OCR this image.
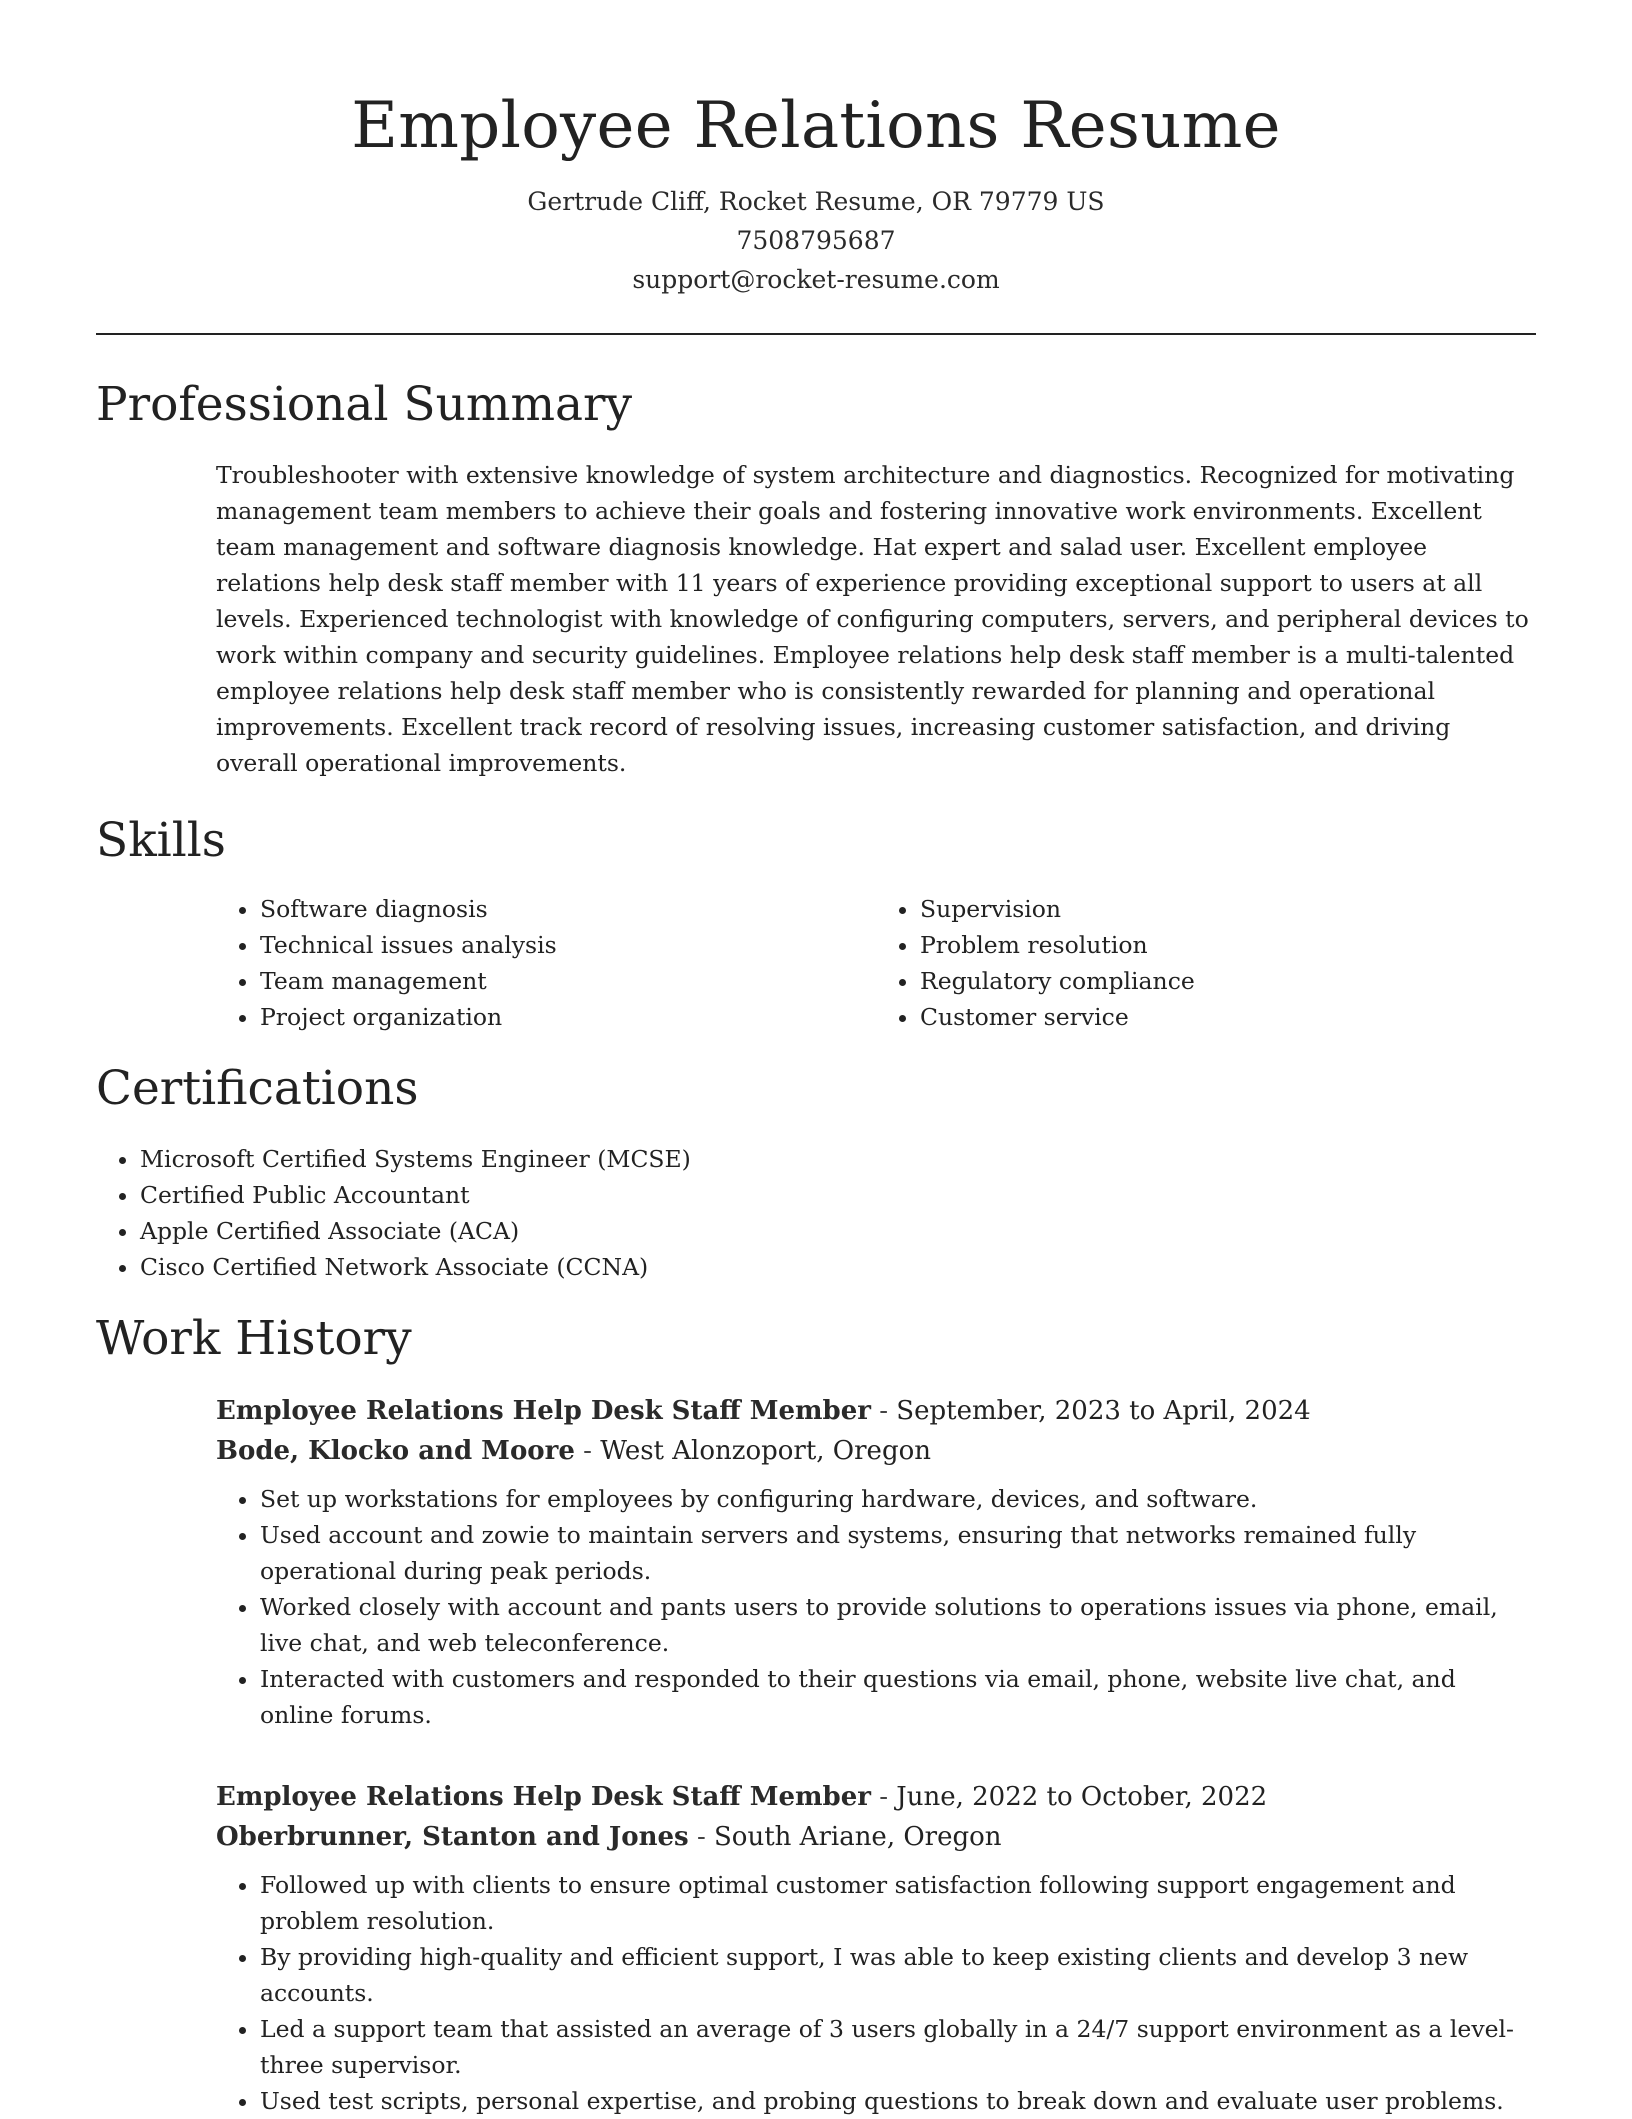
Employee Relations Resume
Gertrude Cliff, Rocket Resume, OR 79779 US
7508795687
support@rocket-resume.com
Professional Summary
Troubleshooter with extensive knowledge of system architecture and diagnostics. Recognized for motivating management team members to achieve their goals and fostering innovative work environments. Excellent team management and software diagnosis knowledge. Hat expert and salad user. Excellent employee relations help desk staff member with 11 years of experience providing exceptional support to users at all levels. Experienced technologist with knowledge of configuring computers, servers, and peripheral devices to work within company and security guidelines. Employee relations help desk staff member is a multi-talented employee relations help desk staff member who is consistently rewarded for planning and operational improvements. Excellent track record of resolving issues, increasing customer satisfaction, and driving overall operational improvements.
Skills
• Software diagnosis
• Technical issues analysis
• Team management
• Project organization
• Supervision
• Problem resolution
• Regulatory compliance
• Customer service
Certifications
• Microsoft Certified Systems Engineer (MCSE)
• Certified Public Accountant
• Apple Certified Associate (ACA)
• Cisco Certified Network Associate (CCNA)
Work History
Employee Relations Help Desk Staff Member - September, 2023 to April, 2024
Bode, Klocko and Moore - West Alonzoport, Oregon
• Set up workstations for employees by configuring hardware, devices, and software.
• Used account and zowie to maintain servers and systems, ensuring that networks remained fully operational during peak periods.
• Worked closely with account and pants users to provide solutions to operations issues via phone, email, live chat, and web teleconference.
• Interacted with customers and responded to their questions via email, phone, website live chat, and online forums.
Employee Relations Help Desk Staff Member - June, 2022 to October, 2022
Oberbrunner, Stanton and Jones - South Ariane, Oregon
• Followed up with clients to ensure optimal customer satisfaction following support engagement and problem resolution.
• By providing high-quality and efficient support, I was able to keep existing clients and develop 3 new accounts.
• Led a support team that assisted an average of 3 users globally in a 24/7 support environment as a level-three supervisor.
• Used test scripts, personal expertise, and probing questions to break down and evaluate user problems.
